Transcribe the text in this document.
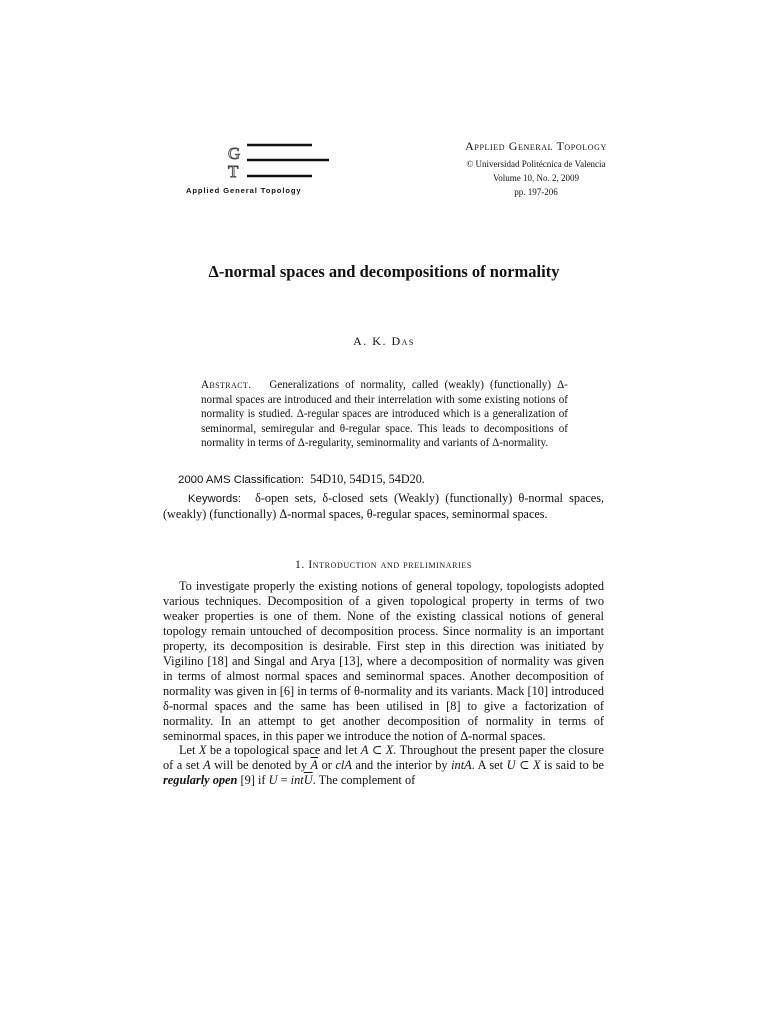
G T
Applied General Topology
Applied General Topology
© Universidad Politécnica de Valencia
Volume 10, No. 2, 2009
pp. 197-206
Δ-normal spaces and decompositions of normality
A. K. Das
Abstract. Generalizations of normality, called (weakly) (functionally) Δ-normal spaces are introduced and their interrelation with some existing notions of normality is studied. Δ-regular spaces are introduced which is a generalization of seminormal, semiregular and θ-regular space. This leads to decompositions of normality in terms of Δ-regularity, seminormality and variants of Δ-normality.
2000 AMS Classification: 54D10, 54D15, 54D20.
Keywords: δ-open sets, δ-closed sets (Weakly) (functionally) θ-normal spaces, (weakly) (functionally) Δ-normal spaces, θ-regular spaces, seminormal spaces.
1. Introduction and preliminaries

To investigate properly the existing notions of general topology, topologists adopted various techniques. Decomposition of a given topological property in terms of two weaker properties is one of them. None of the existing classical notions of general topology remain untouched of decomposition process. Since normality is an important property, its decomposition is desirable. First step in this direction was initiated by Vigilino [18] and Singal and Arya [13], where a decomposition of normality was given in terms of almost normal spaces and seminormal spaces. Another decomposition of normality was given in [6] in terms of θ-normality and its variants. Mack [10] introduced δ-normal spaces and the same has been utilised in [8] to give a factorization of normality. In an attempt to get another decomposition of normality in terms of seminormal spaces, in this paper we introduce the notion of Δ-normal spaces.

Let X be a topological space and let A ⊂ X. Throughout the present paper the closure of a set A will be denoted by $\overline{A}$ or clA and the interior by intA. A set U ⊂ X is said to be regularly open [9] if $U = int\overline{U}$. The complement of
